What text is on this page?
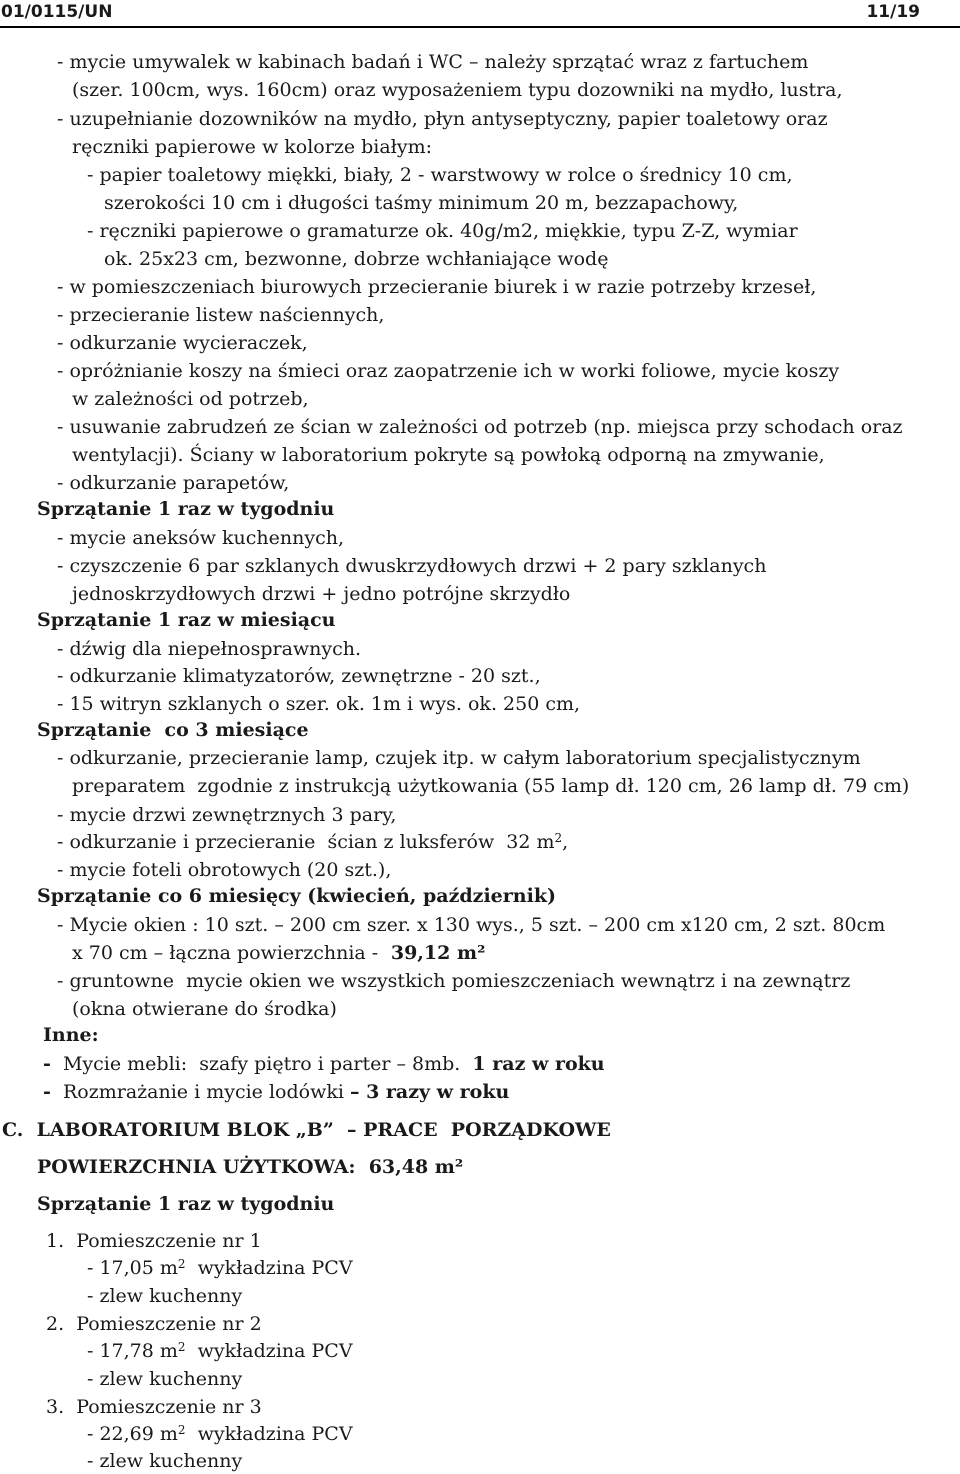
01/0115/UN	11/19
- mycie umywalek w kabinach badań i WC – należy sprzątać wraz z fartuchem
(szer. 100cm, wys. 160cm) oraz wyposażeniem typu dozowniki na mydło, lustra,
- uzupełnianie dozowników na mydło, płyn antyseptyczny, papier toaletowy oraz
ręczniki papierowe w kolorze białym:
- papier toaletowy miękki, biały, 2 - warstwowy w rolce o średnicy 10 cm,
szerokości 10 cm i długości taśmy minimum 20 m, bezzapachowy,
- ręczniki papierowe o gramaturze ok. 40g/m2, miękkie, typu Z-Z, wymiar
ok. 25x23 cm, bezwonne, dobrze wchłaniające wodę
- w pomieszczeniach biurowych przecieranie biurek i w razie potrzeby krzeseł,
- przecieranie listew naściennych,
- odkurzanie wycieraczek,
- opróżnianie koszy na śmieci oraz zaopatrzenie ich w worki foliowe, mycie koszy
w zależności od potrzeb,
- usuwanie zabrudzeń ze ścian w zależności od potrzeb (np. miejsca przy schodach oraz
wentylacji). Ściany w laboratorium pokryte są powłoką odporną na zmywanie,
- odkurzanie parapetów,
Sprzątanie 1 raz w tygodniu
- mycie aneksów kuchennych,
- czyszczenie 6 par szklanych dwuskrzydłowych drzwi + 2 pary szklanych
jednoskrzydłowych drzwi + jedno potrójne skrzydło
Sprzątanie 1 raz w miesiącu
- dźwig dla niepełnosprawnych.
- odkurzanie klimatyzatorów, zewnętrzne - 20 szt.,
- 15 witryn szklanych o szer. ok. 1m i wys. ok. 250 cm,
Sprzątanie  co 3 miesiące
- odkurzanie, przecieranie lamp, czujek itp. w całym laboratorium specjalistycznym
preparatem  zgodnie z instrukcją użytkowania (55 lamp dł. 120 cm, 26 lamp dł. 79 cm)
- mycie drzwi zewnętrznych 3 pary,
- odkurzanie i przecieranie  ścian z luksferów  32 $m^2$,
- mycie foteli obrotowych (20 szt.),
Sprzątanie co 6 miesięcy (kwiecień, październik)
- Mycie okien : 10 szt. – 200 cm szer. x 130 wys., 5 szt. – 200 cm x120 cm, 2 szt. 80cm
x 70 cm – łączna powierzchnia -  39,12 m²
- gruntowne  mycie okien we wszystkich pomieszczeniach wewnątrz i na zewnątrz
(okna otwierane do środka)
Inne:
-  Mycie mebli:  szafy piętro i parter – 8mb.  1 raz w roku
-  Rozmrażanie i mycie lodówki – 3 razy w roku
C.  LABORATORIUM BLOK „B”  – PRACE  PORZĄDKOWE
POWIERZCHNIA UŻYTKOWA:  63,48 m²
Sprzątanie 1 raz w tygodniu
1.  Pomieszczenie nr 1
- 17,05 $m^2$  wykładzina PCV
- zlew kuchenny
2.  Pomieszczenie nr 2
- 17,78 $m^2$  wykładzina PCV
- zlew kuchenny
3.  Pomieszczenie nr 3
- 22,69 $m^2$  wykładzina PCV
- zlew kuchenny
